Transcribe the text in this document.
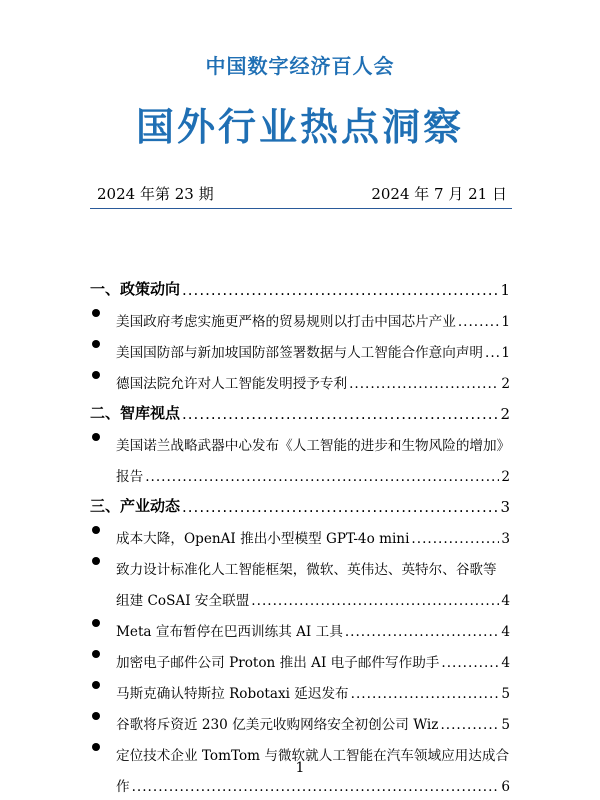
中国数字经济百人会
国外行业热点洞察
2024 年第 23 期	2024 年 7 月 21 日
一、政策动向 .....	1
美国政府考虑实施更严格的贸易规则以打击中国芯片产业 .....	1
美国国防部与新加坡国防部签署数据与人工智能合作意向声明 ..... 1
德国法院允许对人工智能发明授予专利 .....	2
二、智库视点 .....	2
美国诺兰战略武器中心发布《人工智能的进步和生物风险的增加》
报告 .....	2
三、产业动态 .....	3
成本大降，OpenAI 推出小型模型 GPT-4o mini .....	3
致力设计标准化人工智能框架，微软、英伟达、英特尔、谷歌等
组建 CoSAI 安全联盟 .....	4
Meta 宣布暂停在巴西训练其 AI 工具 .....	4
加密电子邮件公司 Proton 推出 AI 电子邮件写作助手 .....	4
马斯克确认特斯拉 Robotaxi 延迟发布 .....	5
谷歌将斥资近 230 亿美元收购网络安全初创公司 Wiz .....	5
定位技术企业 TomTom 与微软就人工智能在汽车领域应用达成合
作 .....	6
1
